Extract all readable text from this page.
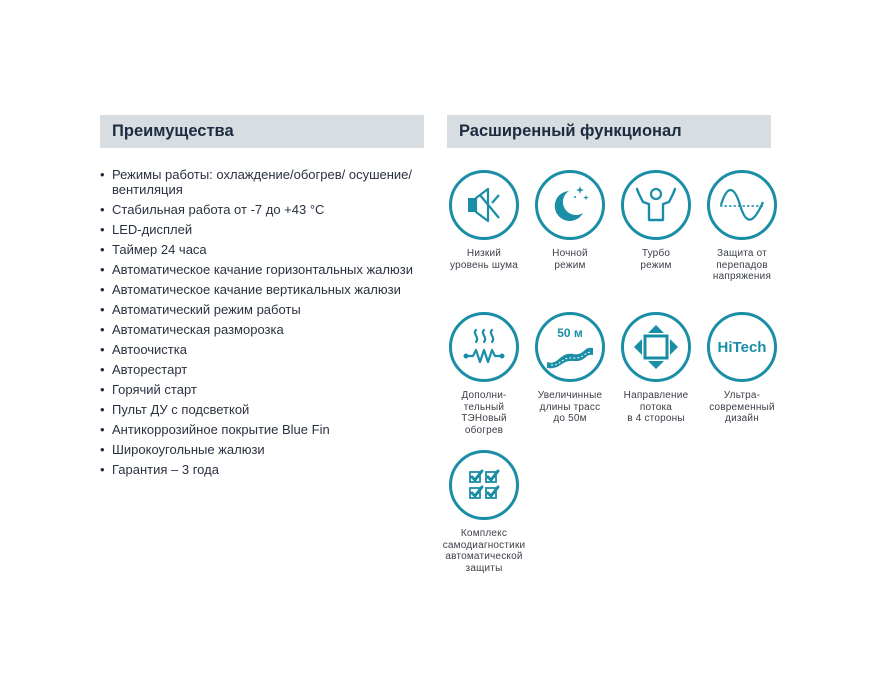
Преимущества	Расширенный функционал
• Режимы работы: охлаждение/обогрев/ осушение/вентиляция
• Стабильная работа от -7 до +43 °С
• LED-дисплей
• Таймер 24 часа
• Автоматическое качание горизонтальных жалюзи
• Автоматическое качание вертикальных жалюзи
• Автоматический режим работы
• Автоматическая разморозка
• Автоочистка
• Авторестарт
• Горячий старт
• Пульт ДУ с подсветкой
• Антикоррозийное покрытие Blue Fin
• Широкоугольные жалюзи
• Гарантия – 3 года
Низкий
уровень шума
Ночной
режим
Турбо
режим
Защита от
перепадов
напряжения
Дополни-
тельный
ТЭНовый
обогрев
50 м
Увеличинные
длины трасс
до 50м
Направление
потока
в 4 стороны
HiTech
Ультра-
современный
дизайн
Комплекс
самодиагностики
автоматической
защиты
